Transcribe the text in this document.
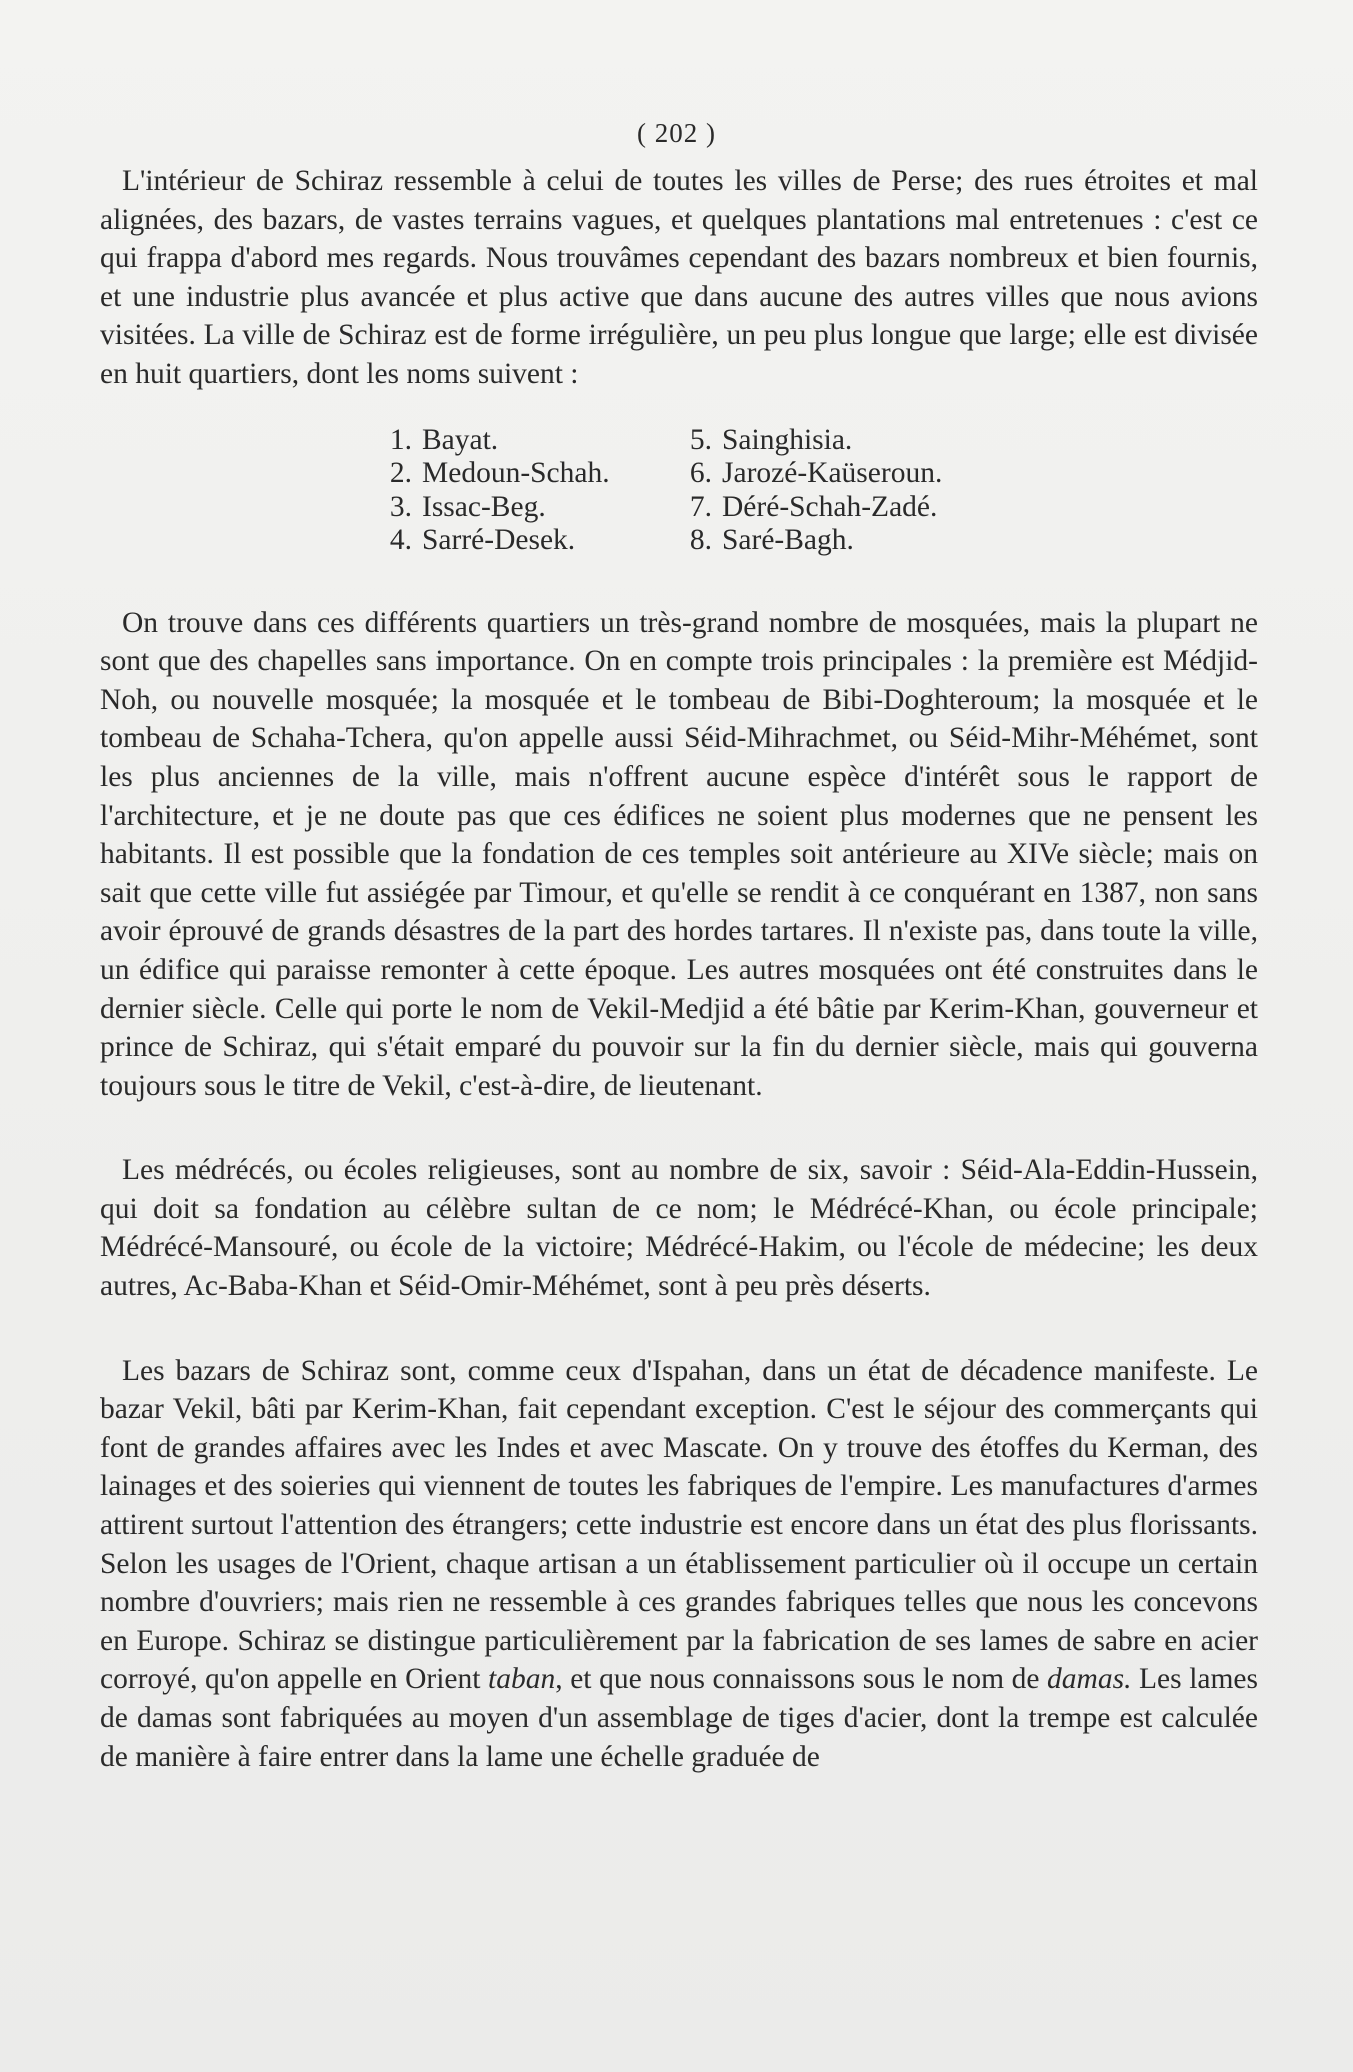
( 202 )

L'intérieur de Schiraz ressemble à celui de toutes les villes de Perse; des rues étroites et mal alignées, des bazars, de vastes terrains vagues, et quelques plantations mal entretenues : c'est ce qui frappa d'abord mes regards. Nous trouvâmes cependant des bazars nombreux et bien fournis, et une industrie plus avancée et plus active que dans aucune des autres villes que nous avions visitées. La ville de Schiraz est de forme irrégulière, un peu plus longue que large; elle est divisée en huit quartiers, dont les noms suivent :

1. Bayat.	5. Sainghisia.
2. Medoun-Schah.	6. Jarozé-Kaüseroun.
3. Issac-Beg.	7. Déré-Schah-Zadé.
4. Sarré-Desek.	8. Saré-Bagh.

On trouve dans ces différents quartiers un très-grand nombre de mosquées, mais la plupart ne sont que des chapelles sans importance. On en compte trois principales : la première est Médjid-Noh, ou nouvelle mosquée; la mosquée et le tombeau de Bibi-Doghteroum; la mosquée et le tombeau de Schaha-Tchera, qu'on appelle aussi Séid-Mihrachmet, ou Séid-Mihr-Méhémet, sont les plus anciennes de la ville, mais n'offrent aucune espèce d'intérêt sous le rapport de l'architecture, et je ne doute pas que ces édifices ne soient plus modernes que ne pensent les habitants. Il est possible que la fondation de ces temples soit antérieure au XIVe siècle; mais on sait que cette ville fut assiégée par Timour, et qu'elle se rendit à ce conquérant en 1387, non sans avoir éprouvé de grands désastres de la part des hordes tartares. Il n'existe pas, dans toute la ville, un édifice qui paraisse remonter à cette époque. Les autres mosquées ont été construites dans le dernier siècle. Celle qui porte le nom de Vekil-Medjid a été bâtie par Kerim-Khan, gouverneur et prince de Schiraz, qui s'était emparé du pouvoir sur la fin du dernier siècle, mais qui gouverna toujours sous le titre de Vekil, c'est-à-dire, de lieutenant.

Les médrécés, ou écoles religieuses, sont au nombre de six, savoir : Séid-Ala-Eddin-Hussein, qui doit sa fondation au célèbre sultan de ce nom; le Médrécé-Khan, ou école principale; Médrécé-Mansouré, ou école de la victoire; Médrécé-Hakim, ou l'école de médecine; les deux autres, Ac-Baba-Khan et Séid-Omir-Méhémet, sont à peu près déserts.

Les bazars de Schiraz sont, comme ceux d'Ispahan, dans un état de décadence manifeste. Le bazar Vekil, bâti par Kerim-Khan, fait cependant exception. C'est le séjour des commerçants qui font de grandes affaires avec les Indes et avec Mascate. On y trouve des étoffes du Kerman, des lainages et des soieries qui viennent de toutes les fabriques de l'empire. Les manufactures d'armes attirent surtout l'attention des étrangers; cette industrie est encore dans un état des plus florissants. Selon les usages de l'Orient, chaque artisan a un établissement particulier où il occupe un certain nombre d'ouvriers; mais rien ne ressemble à ces grandes fabriques telles que nous les concevons en Europe. Schiraz se distingue particulièrement par la fabrication de ses lames de sabre en acier corroyé, qu'on appelle en Orient taban, et que nous connaissons sous le nom de damas. Les lames de damas sont fabriquées au moyen d'un assemblage de tiges d'acier, dont la trempe est calculée de manière à faire entrer dans la lame une échelle graduée de
